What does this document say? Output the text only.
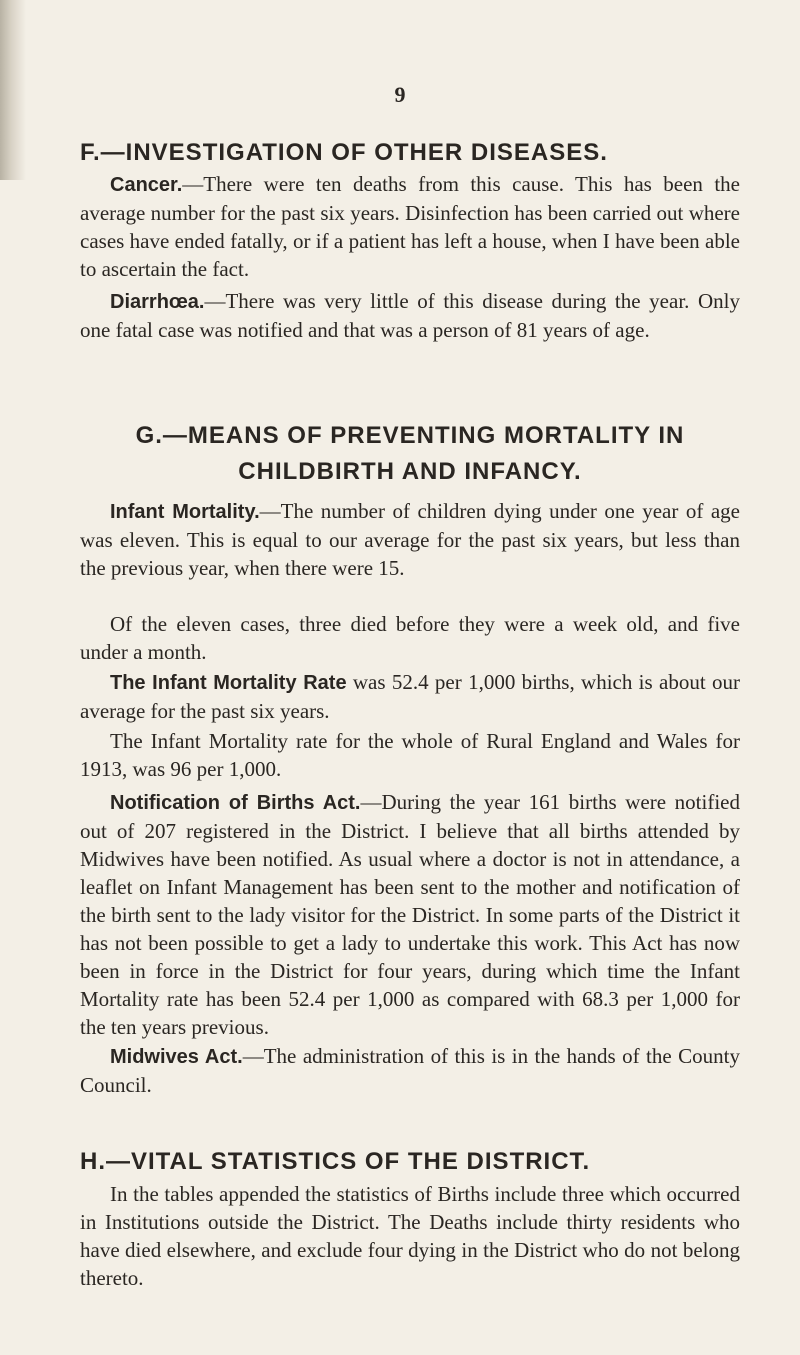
9
F.—INVESTIGATION OF OTHER DISEASES.

Cancer.—There were ten deaths from this cause. This has been the average number for the past six years. Disinfection has been carried out where cases have ended fatally, or if a patient has left a house, when I have been able to ascertain the fact.

Diarrhœa.—There was very little of this disease during the year. Only one fatal case was notified and that was a person of 81 years of age.

G.—MEANS OF PREVENTING MORTALITY IN
CHILDBIRTH AND INFANCY.

Infant Mortality.—The number of children dying under one year of age was eleven. This is equal to our average for the past six years, but less than the previous year, when there were 15.

Of the eleven cases, three died before they were a week old, and five under a month.

The Infant Mortality Rate was 52.4 per 1,000 births, which is about our average for the past six years.

The Infant Mortality rate for the whole of Rural England and Wales for 1913, was 96 per 1,000.

Notification of Births Act.—During the year 161 births were notified out of 207 registered in the District. I believe that all births attended by Midwives have been notified. As usual where a doctor is not in attendance, a leaflet on Infant Management has been sent to the mother and notification of the birth sent to the lady visitor for the District. In some parts of the District it has not been possible to get a lady to undertake this work. This Act has now been in force in the District for four years, during which time the Infant Mortality rate has been 52.4 per 1,000 as compared with 68.3 per 1,000 for the ten years previous.

Midwives Act.—The administration of this is in the hands of the County Council.

H.—VITAL STATISTICS OF THE DISTRICT.

In the tables appended the statistics of Births include three which occurred in Institutions outside the District. The Deaths include thirty residents who have died elsewhere, and exclude four dying in the District who do not belong thereto.
